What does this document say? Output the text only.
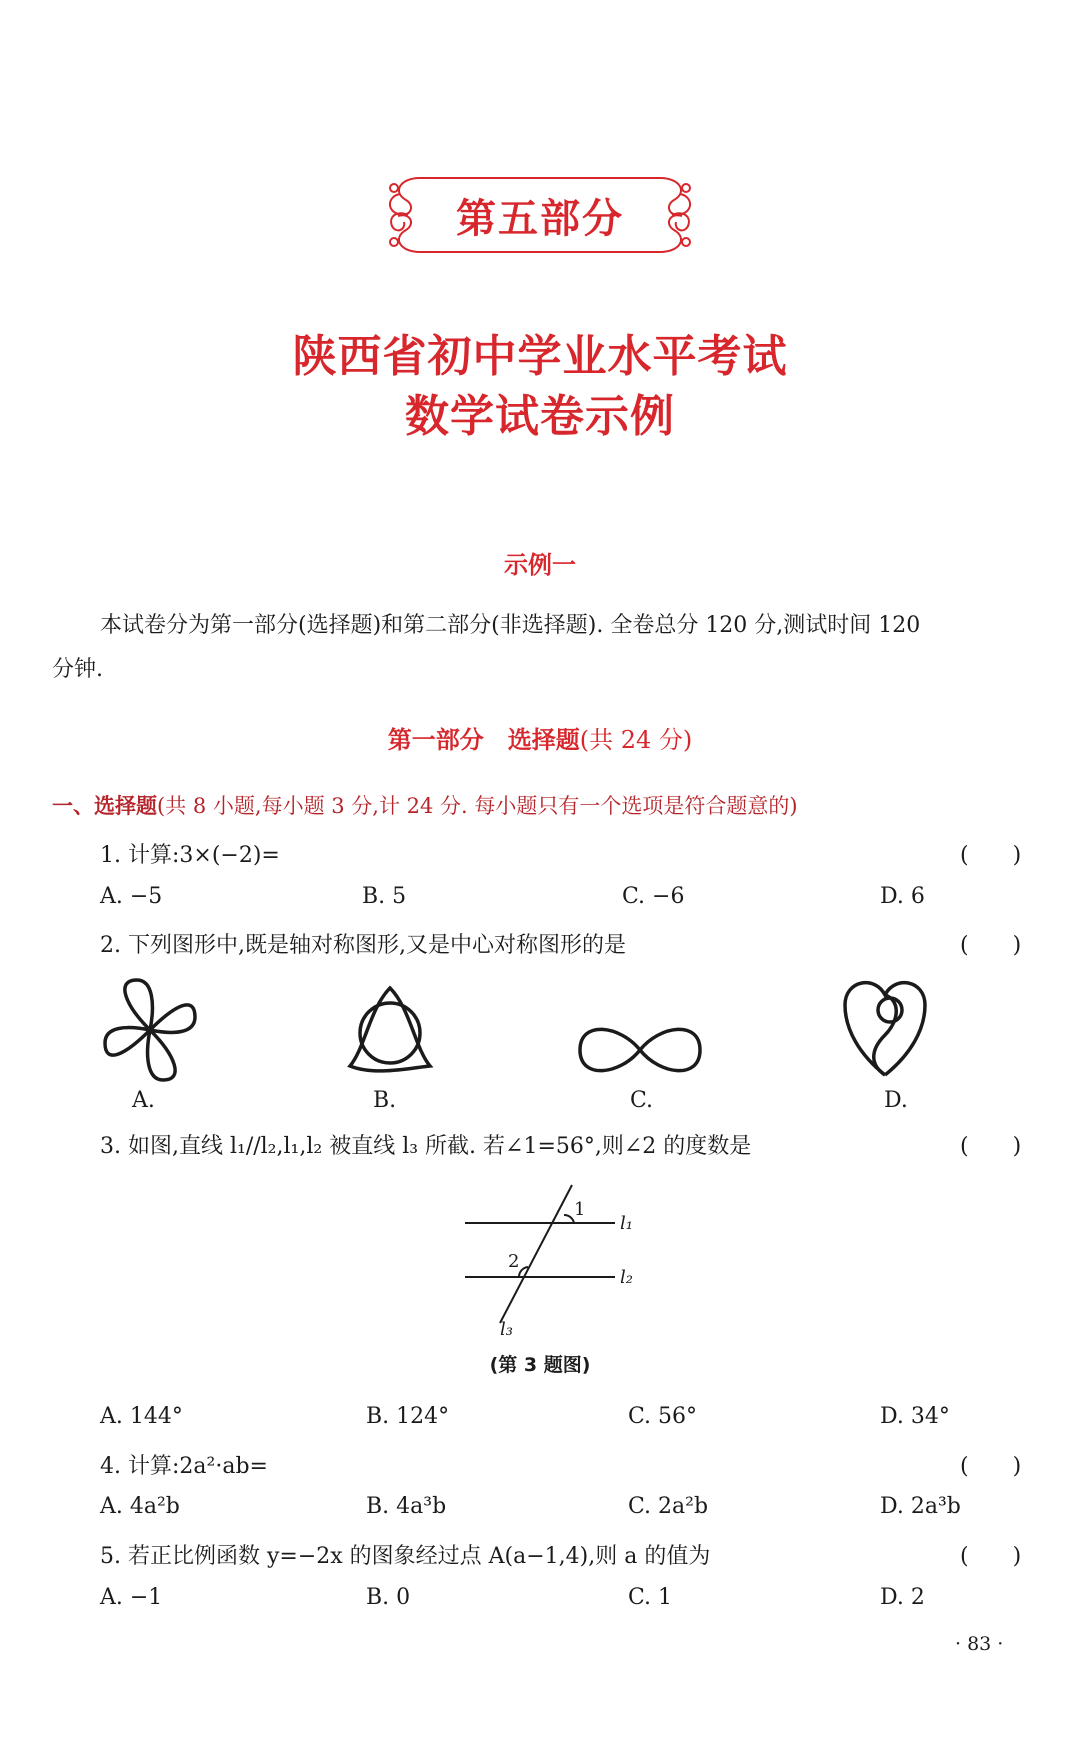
第五部分
陕西省初中学业水平考试
数学试卷示例
示例一

本试卷分为第一部分(选择题)和第二部分(非选择题). 全卷总分 120 分,测试时间 120

分钟.
第一部分　选择题(共 24 分)
一、选择题(共 8 小题,每小题 3 分,计 24 分. 每小题只有一个选项是符合题意的)
1. 计算:3×(−2)=	(　　)
A. −5	B. 5	C. −6	D. 6
2. 下列图形中,既是轴对称图形,又是中心对称图形的是	(　　)
A.	B.	C.	D.
3. 如图,直线 l₁//l₂,l₁,l₂ 被直线 l₃ 所截. 若∠1=56°,则∠2 的度数是	(　　)
1
2
l₁
l₂
l₃
(第 3 题图)
A. 144°	B. 124°	C. 56°	D. 34°
4. 计算:2a²·ab=	(　　)
A. 4a²b	B. 4a³b	C. 2a²b	D. 2a³b
5. 若正比例函数 y=−2x 的图象经过点 A(a−1,4),则 a 的值为	(　　)
A. −1	B. 0	C. 1	D. 2
· 83 ·
